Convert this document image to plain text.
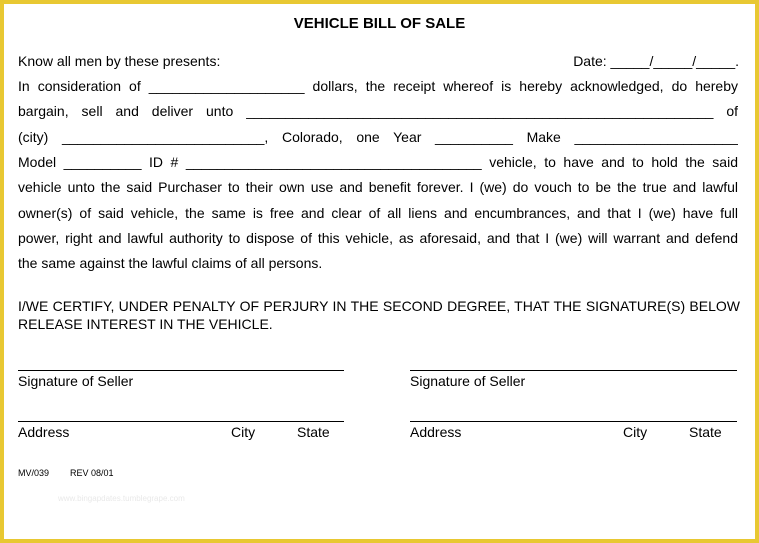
VEHICLE BILL OF SALE
Know all men by these presents:	Date: _____/_____/_____.
In consideration of ____________________ dollars, the receipt whereof is hereby acknowledged, do hereby
bargain, sell and deliver unto ____________________________________________________________ of
(city) __________________________, Colorado, one Year __________ Make _____________________
Model __________ ID # ______________________________________ vehicle, to have and to hold the said
vehicle unto the said Purchaser to their own use and benefit forever. I (we) do vouch to be the true and lawful
owner(s) of said vehicle, the same is free and clear of all liens and encumbrances, and that I (we) have full
power, right and lawful authority to dispose of this vehicle, as aforesaid, and that I (we) will warrant and defend
the same against the lawful claims of all persons.
I/WE CERTIFY, UNDER PENALTY OF PERJURY IN THE SECOND DEGREE, THAT THE SIGNATURE(S) BELOW RELEASE INTEREST IN THE VEHICLE.
Signature of Seller
Address	City	State
Signature of Seller
Address	City	State
MV/039 REV 08/01
www.bingapdates.tumblegrape.com
